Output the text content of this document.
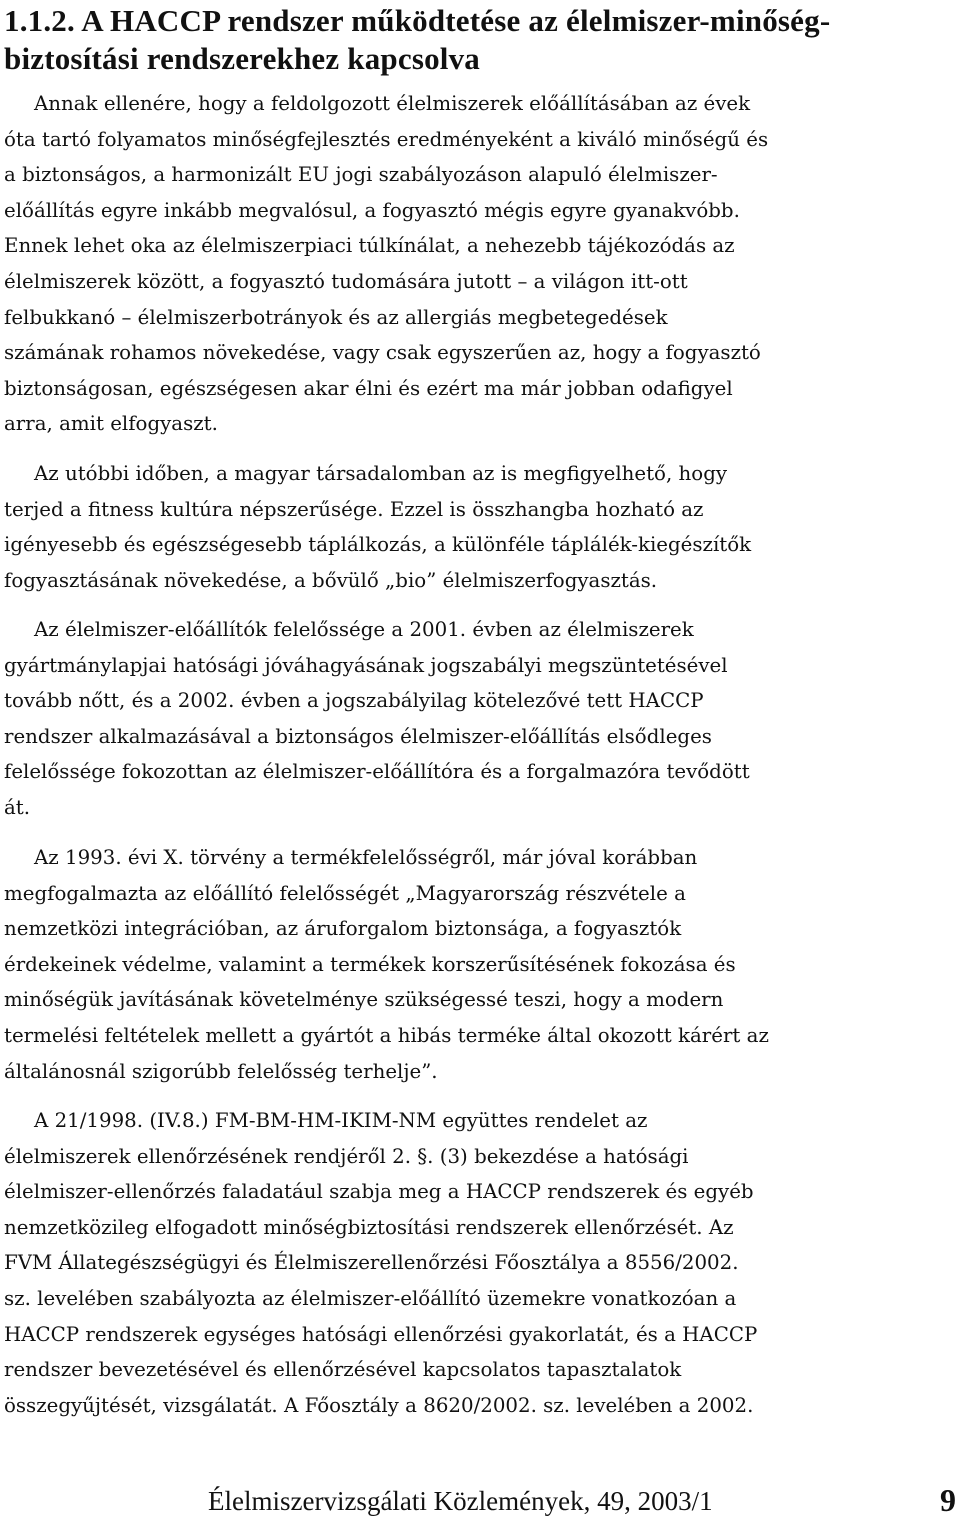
1.1.2. A HACCP rendszer működtetése az élelmiszer-minőség-
biztosítási rendszerekhez kapcsolva
Annak ellenére, hogy a feldolgozott élelmiszerek előállításában az évek
óta tartó folyamatos minőségfejlesztés eredményeként a kiváló minőségű és
a biztonságos, a harmonizált EU jogi szabályozáson alapuló élelmiszer-
előállítás egyre inkább megvalósul, a fogyasztó mégis egyre gyanakvóbb.
Ennek lehet oka az élelmiszerpiaci túlkínálat, a nehezebb tájékozódás az
élelmiszerek között, a fogyasztó tudomására jutott – a világon itt-ott
felbukkanó – élelmiszerbotrányok és az allergiás megbetegedések
számának rohamos növekedése, vagy csak egyszerűen az, hogy a fogyasztó
biztonságosan, egészségesen akar élni és ezért ma már jobban odafigyel
arra, amit elfogyaszt.
Az utóbbi időben, a magyar társadalomban az is megfigyelhető, hogy
terjed a fitness kultúra népszerűsége. Ezzel is összhangba hozható az
igényesebb és egészségesebb táplálkozás, a különféle táplálék-kiegészítők
fogyasztásának növekedése, a bővülő „bio” élelmiszerfogyasztás.
Az élelmiszer-előállítók felelőssége a 2001. évben az élelmiszerek
gyártmánylapjai hatósági jóváhagyásának jogszabályi megszüntetésével
tovább nőtt, és a 2002. évben a jogszabályilag kötelezővé tett HACCP
rendszer alkalmazásával a biztonságos élelmiszer-előállítás elsődleges
felelőssége fokozottan az élelmiszer-előállítóra és a forgalmazóra tevődött
át.
Az 1993. évi X. törvény a termékfelelősségről, már jóval korábban
megfogalmazta az előállító felelősségét „Magyarország részvétele a
nemzetközi integrációban, az áruforgalom biztonsága, a fogyasztók
érdekeinek védelme, valamint a termékek korszerűsítésének fokozása és
minőségük javításának követelménye szükségessé teszi, hogy a modern
termelési feltételek mellett a gyártót a hibás terméke által okozott kárért az
általánosnál szigorúbb felelősség terhelje”.
A 21/1998. (IV.8.) FM-BM-HM-IKIM-NM együttes rendelet az
élelmiszerek ellenőrzésének rendjéről 2. §. (3) bekezdése a hatósági
élelmiszer-ellenőrzés faladatául szabja meg a HACCP rendszerek és egyéb
nemzetközileg elfogadott minőségbiztosítási rendszerek ellenőrzését. Az
FVM Állategészségügyi és Élelmiszerellenőrzési Főosztálya a 8556/2002.
sz. levelében szabályozta az élelmiszer-előállító üzemekre vonatkozóan a
HACCP rendszerek egységes hatósági ellenőrzési gyakorlatát, és a HACCP
rendszer bevezetésével és ellenőrzésével kapcsolatos tapasztalatok
összegyűjtését, vizsgálatát. A Főosztály a 8620/2002. sz. levelében a 2002.
Élelmiszervizsgálati Közlemények, 49, 2003/1	9
